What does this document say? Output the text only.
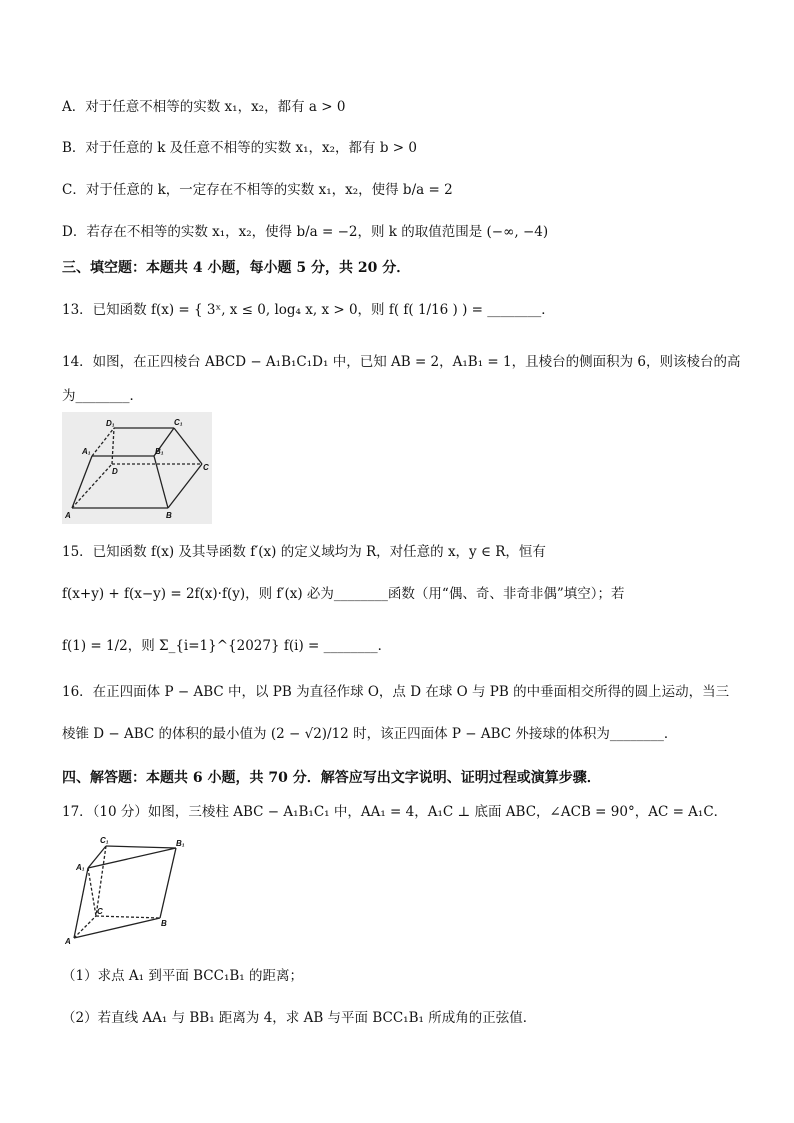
A．对于任意不相等的实数 x₁，x₂，都有 a > 0
B．对于任意的 k 及任意不相等的实数 x₁，x₂，都有 b > 0
C．对于任意的 k，一定存在不相等的实数 x₁，x₂，使得 b/a = 2
D．若存在不相等的实数 x₁，x₂，使得 b/a = −2，则 k 的取值范围是 (−∞, −4)
三、填空题：本题共 4 小题，每小题 5 分，共 20 分．
13．已知函数 f(x) = { 3ˣ, x ≤ 0, log₄ x, x > 0，则 f( f( 1/16 ) ) = ________．
14．如图，在正四棱台 ABCD − A₁B₁C₁D₁ 中，已知 AB = 2，A₁B₁ = 1，且棱台的侧面积为 6，则该棱台的高
为________．
D₁	C₁
A₁	B₁
D	C
A	B
15．已知函数 f(x) 及其导函数 f′(x) 的定义域均为 R，对任意的 x，y ∈ R，恒有
f(x+y) + f(x−y) = 2f(x)·f(y)，则 f′(x) 必为________函数（用“偶、奇、非奇非偶”填空）；若
f(1) = 1/2，则 Σ_{i=1}^{2027} f(i) = ________．
16．在正四面体 P − ABC 中，以 PB 为直径作球 O，点 D 在球 O 与 PB 的中垂面相交所得的圆上运动，当三
棱锥 D − ABC 的体积的最小值为 (2 − √2)/12 时，该正四面体 P − ABC 外接球的体积为________．
四、解答题：本题共 6 小题，共 70 分．解答应写出文字说明、证明过程或演算步骤．
17．（10 分）如图，三棱柱 ABC − A₁B₁C₁ 中，AA₁ = 4，A₁C ⊥ 底面 ABC，∠ACB = 90°，AC = A₁C．
C₁	B₁
A₁
C
B
A
（1）求点 A₁ 到平面 BCC₁B₁ 的距离；
（2）若直线 AA₁ 与 BB₁ 距离为 4，求 AB 与平面 BCC₁B₁ 所成角的正弦值．
